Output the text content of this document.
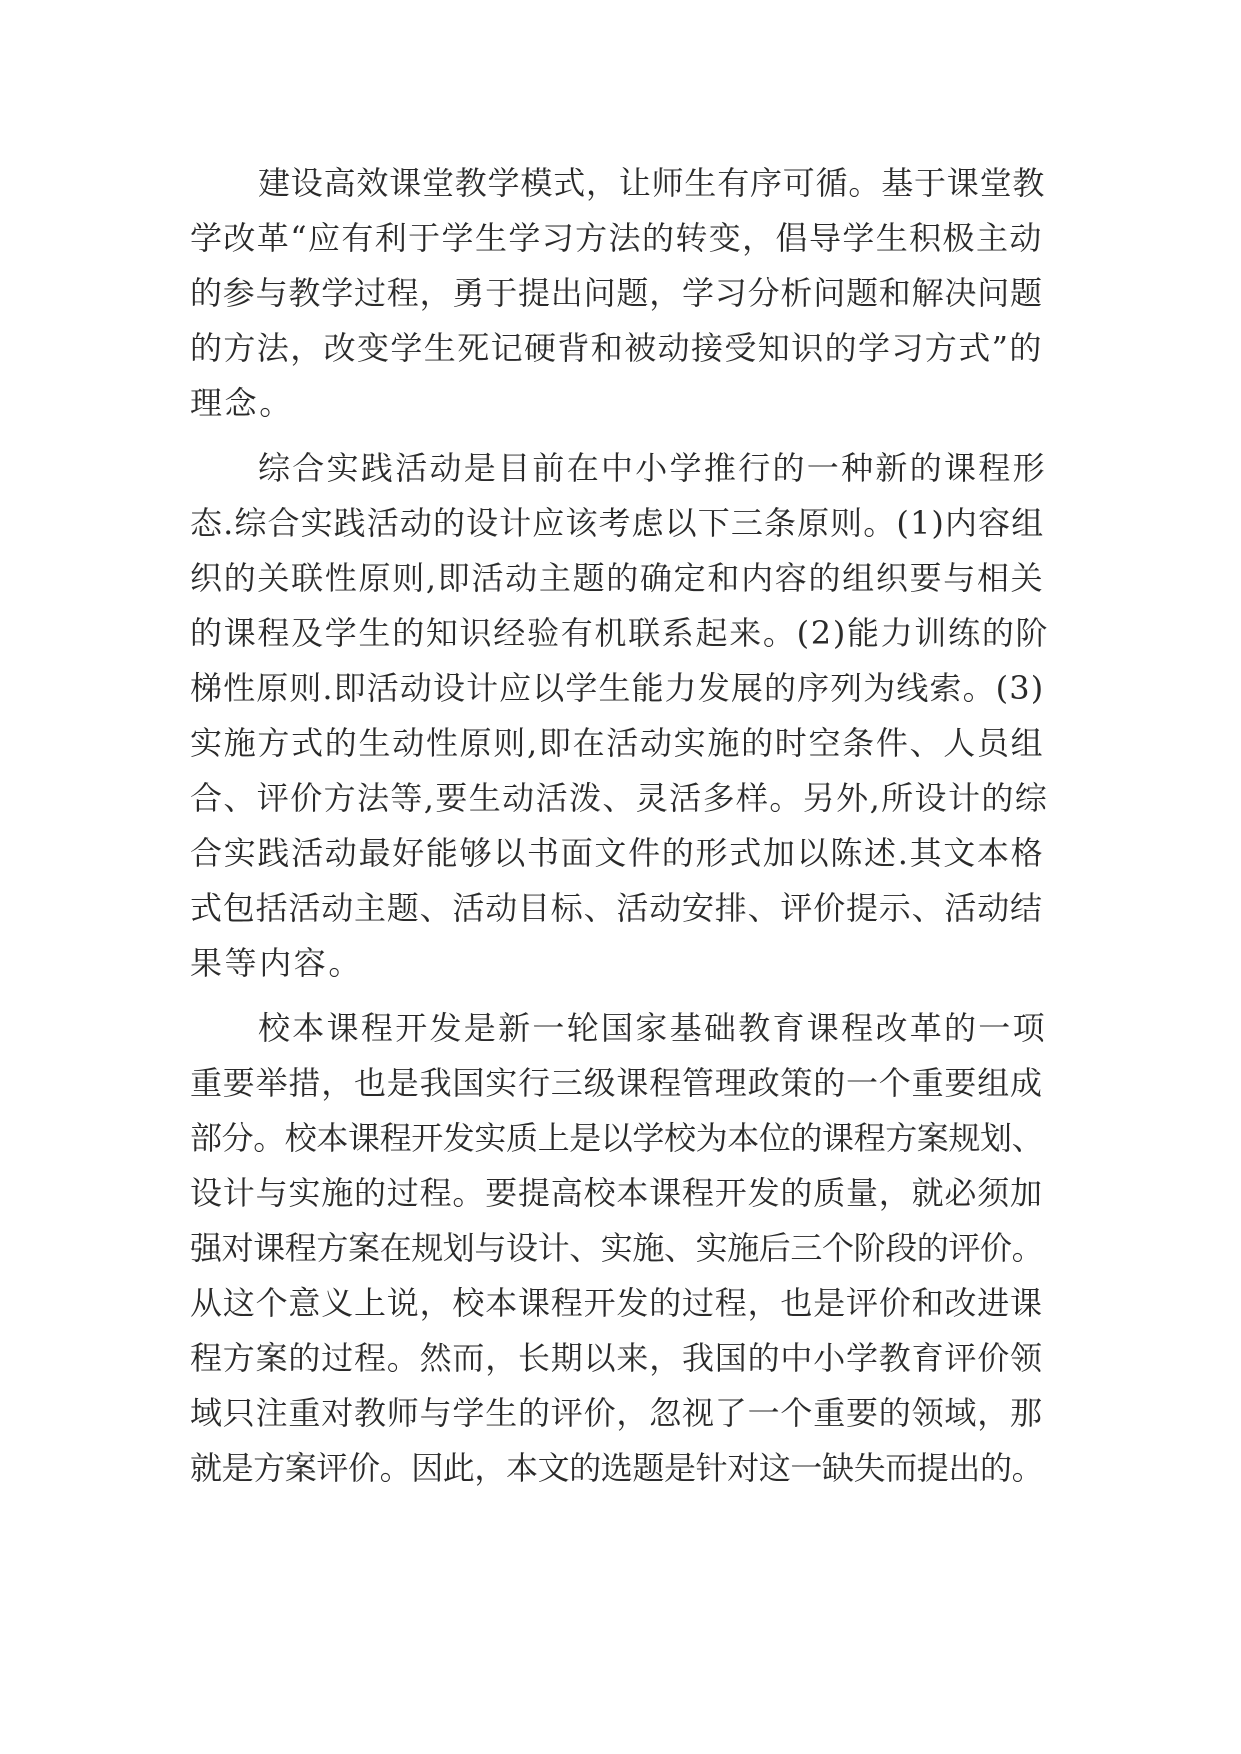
建设高效课堂教学模式，让师生有序可循。基于课堂教
学改革“应有利于学生学习方法的转变，倡导学生积极主动
的参与教学过程，勇于提出问题，学习分析问题和解决问题
的方法，改变学生死记硬背和被动接受知识的学习方式”的
理念。
综合实践活动是目前在中小学推行的一种新的课程形
态.综合实践活动的设计应该考虑以下三条原则。(1)内容组
织的关联性原则,即活动主题的确定和内容的组织要与相关
的课程及学生的知识经验有机联系起来。(2)能力训练的阶
梯性原则.即活动设计应以学生能力发展的序列为线索。(3)
实施方式的生动性原则,即在活动实施的时空条件、人员组
合、评价方法等,要生动活泼、灵活多样。另外,所设计的综
合实践活动最好能够以书面文件的形式加以陈述.其文本格
式包括活动主题、活动目标、活动安排、评价提示、活动结
果等内容。
校本课程开发是新一轮国家基础教育课程改革的一项
重要举措，也是我国实行三级课程管理政策的一个重要组成
部分。校本课程开发实质上是以学校为本位的课程方案规划、
设计与实施的过程。要提高校本课程开发的质量，就必须加
强对课程方案在规划与设计、实施、实施后三个阶段的评价。
从这个意义上说，校本课程开发的过程，也是评价和改进课
程方案的过程。然而，长期以来，我国的中小学教育评价领
域只注重对教师与学生的评价，忽视了一个重要的领域，那
就是方案评价。因此，本文的选题是针对这一缺失而提出的。
